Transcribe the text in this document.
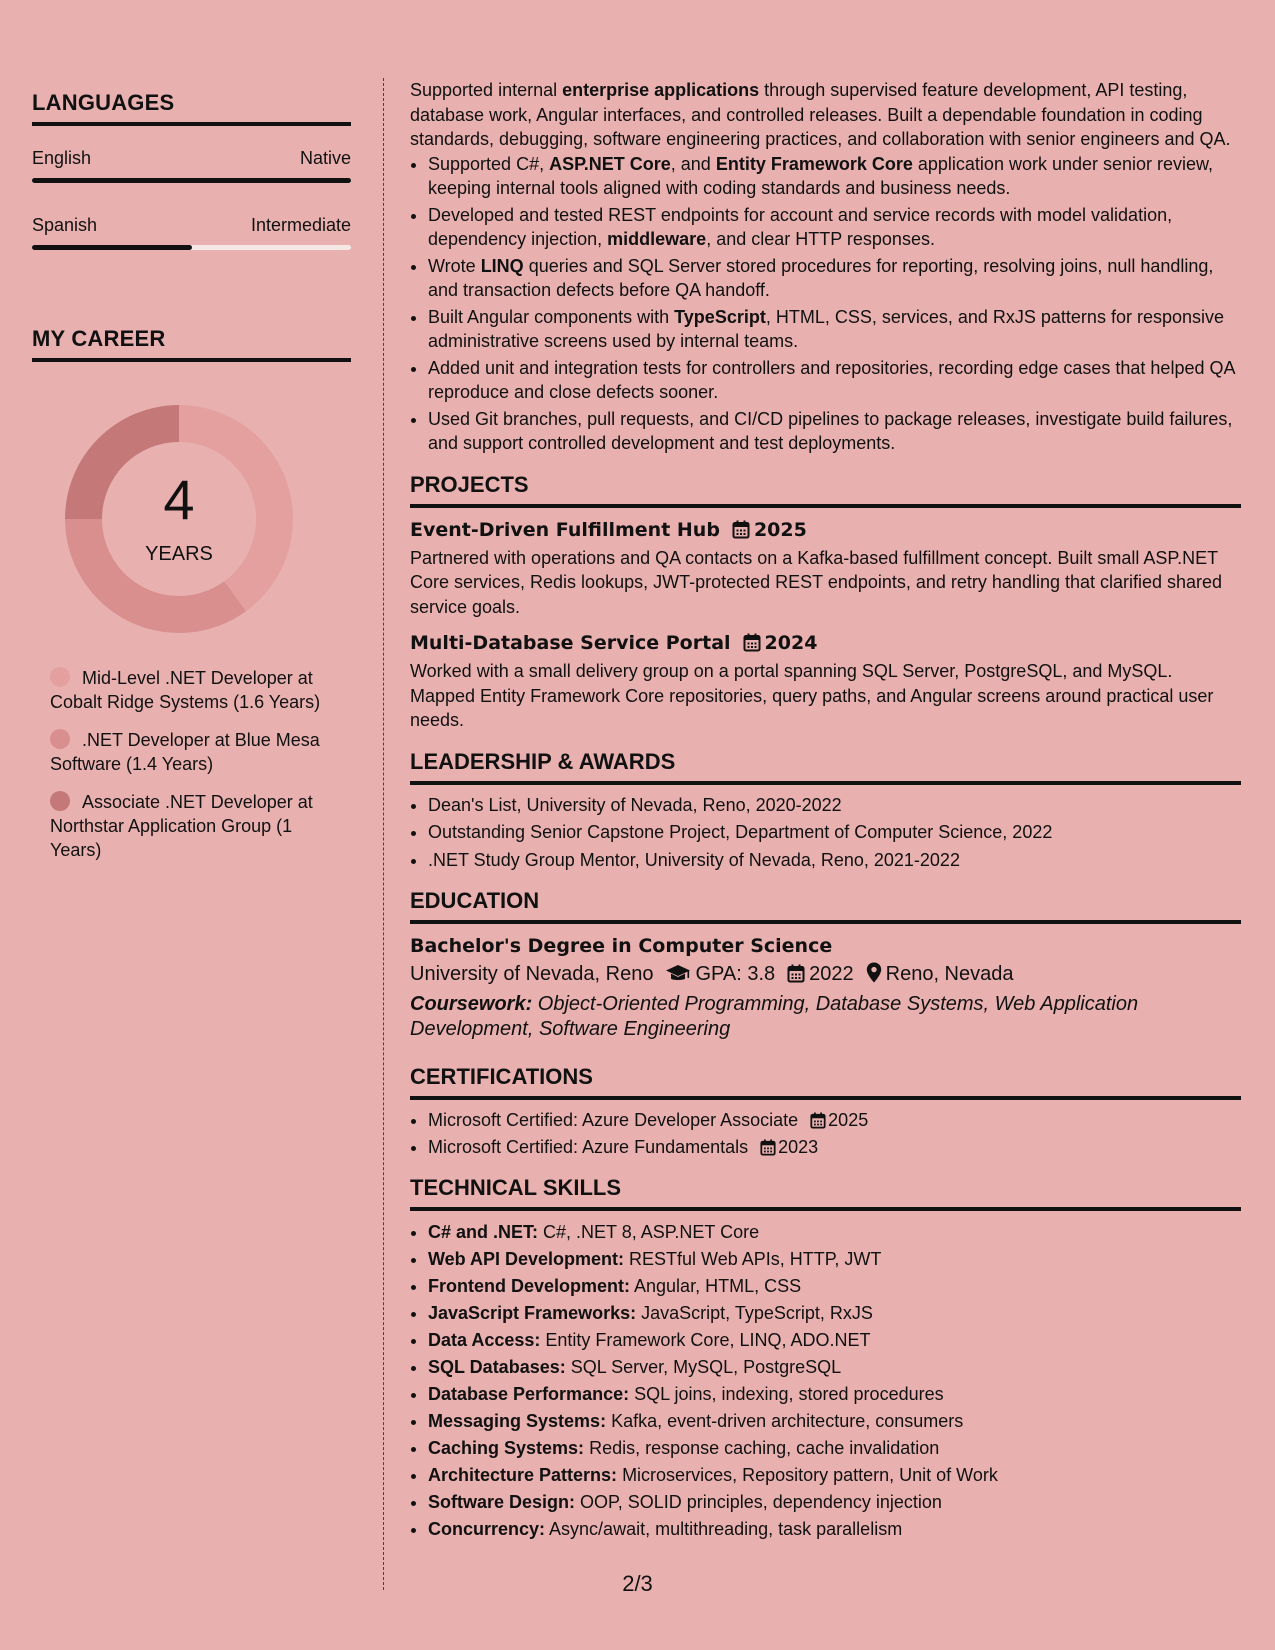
LANGUAGES
English	Native
Spanish	Intermediate
MY CAREER
4
YEARS
Mid-Level .NET Developer at Cobalt Ridge Systems (1.6 Years)
.NET Developer at Blue Mesa Software (1.4 Years)
Associate .NET Developer at Northstar Application Group (1 Years)

Supported internal enterprise applications through supervised feature development, API testing, database work, Angular interfaces, and controlled releases. Built a dependable foundation in coding standards, debugging, software engineering practices, and collaboration with senior engineers and QA.

• Supported C#, ASP.NET Core, and Entity Framework Core application work under senior review, keeping internal tools aligned with coding standards and business needs.
• Developed and tested REST endpoints for account and service records with model validation, dependency injection, middleware, and clear HTTP responses.
• Wrote LINQ queries and SQL Server stored procedures for reporting, resolving joins, null handling, and transaction defects before QA handoff.
• Built Angular components with TypeScript, HTML, CSS, services, and RxJS patterns for responsive administrative screens used by internal teams.
• Added unit and integration tests for controllers and repositories, recording edge cases that helped QA reproduce and close defects sooner.
• Used Git branches, pull requests, and CI/CD pipelines to package releases, investigate build failures, and support controlled development and test deployments.
PROJECTS
Event-Driven Fulfillment Hub 2025

Partnered with operations and QA contacts on a Kafka-based fulfillment concept. Built small ASP.NET Core services, Redis lookups, JWT-protected REST endpoints, and retry handling that clarified shared service goals.

Multi-Database Service Portal 2024

Worked with a small delivery group on a portal spanning SQL Server, PostgreSQL, and MySQL. Mapped Entity Framework Core repositories, query paths, and Angular screens around practical user needs.

LEADERSHIP & AWARDS
• Dean's List, University of Nevada, Reno, 2020-2022
• Outstanding Senior Capstone Project, Department of Computer Science, 2022
• .NET Study Group Mentor, University of Nevada, Reno, 2021-2022
EDUCATION
Bachelor's Degree in Computer Science
University of Nevada, Reno GPA: 3.8 2022 Reno, Nevada

Coursework: Object-Oriented Programming, Database Systems, Web Application Development, Software Engineering

CERTIFICATIONS
• Microsoft Certified: Azure Developer Associate 2025
• Microsoft Certified: Azure Fundamentals 2023
TECHNICAL SKILLS
• C# and .NET: C#, .NET 8, ASP.NET Core
• Web API Development: RESTful Web APIs, HTTP, JWT
• Frontend Development: Angular, HTML, CSS
• JavaScript Frameworks: JavaScript, TypeScript, RxJS
• Data Access: Entity Framework Core, LINQ, ADO.NET
• SQL Databases: SQL Server, MySQL, PostgreSQL
• Database Performance: SQL joins, indexing, stored procedures
• Messaging Systems: Kafka, event-driven architecture, consumers
• Caching Systems: Redis, response caching, cache invalidation
• Architecture Patterns: Microservices, Repository pattern, Unit of Work
• Software Design: OOP, SOLID principles, dependency injection
• Concurrency: Async/await, multithreading, task parallelism
2/3
